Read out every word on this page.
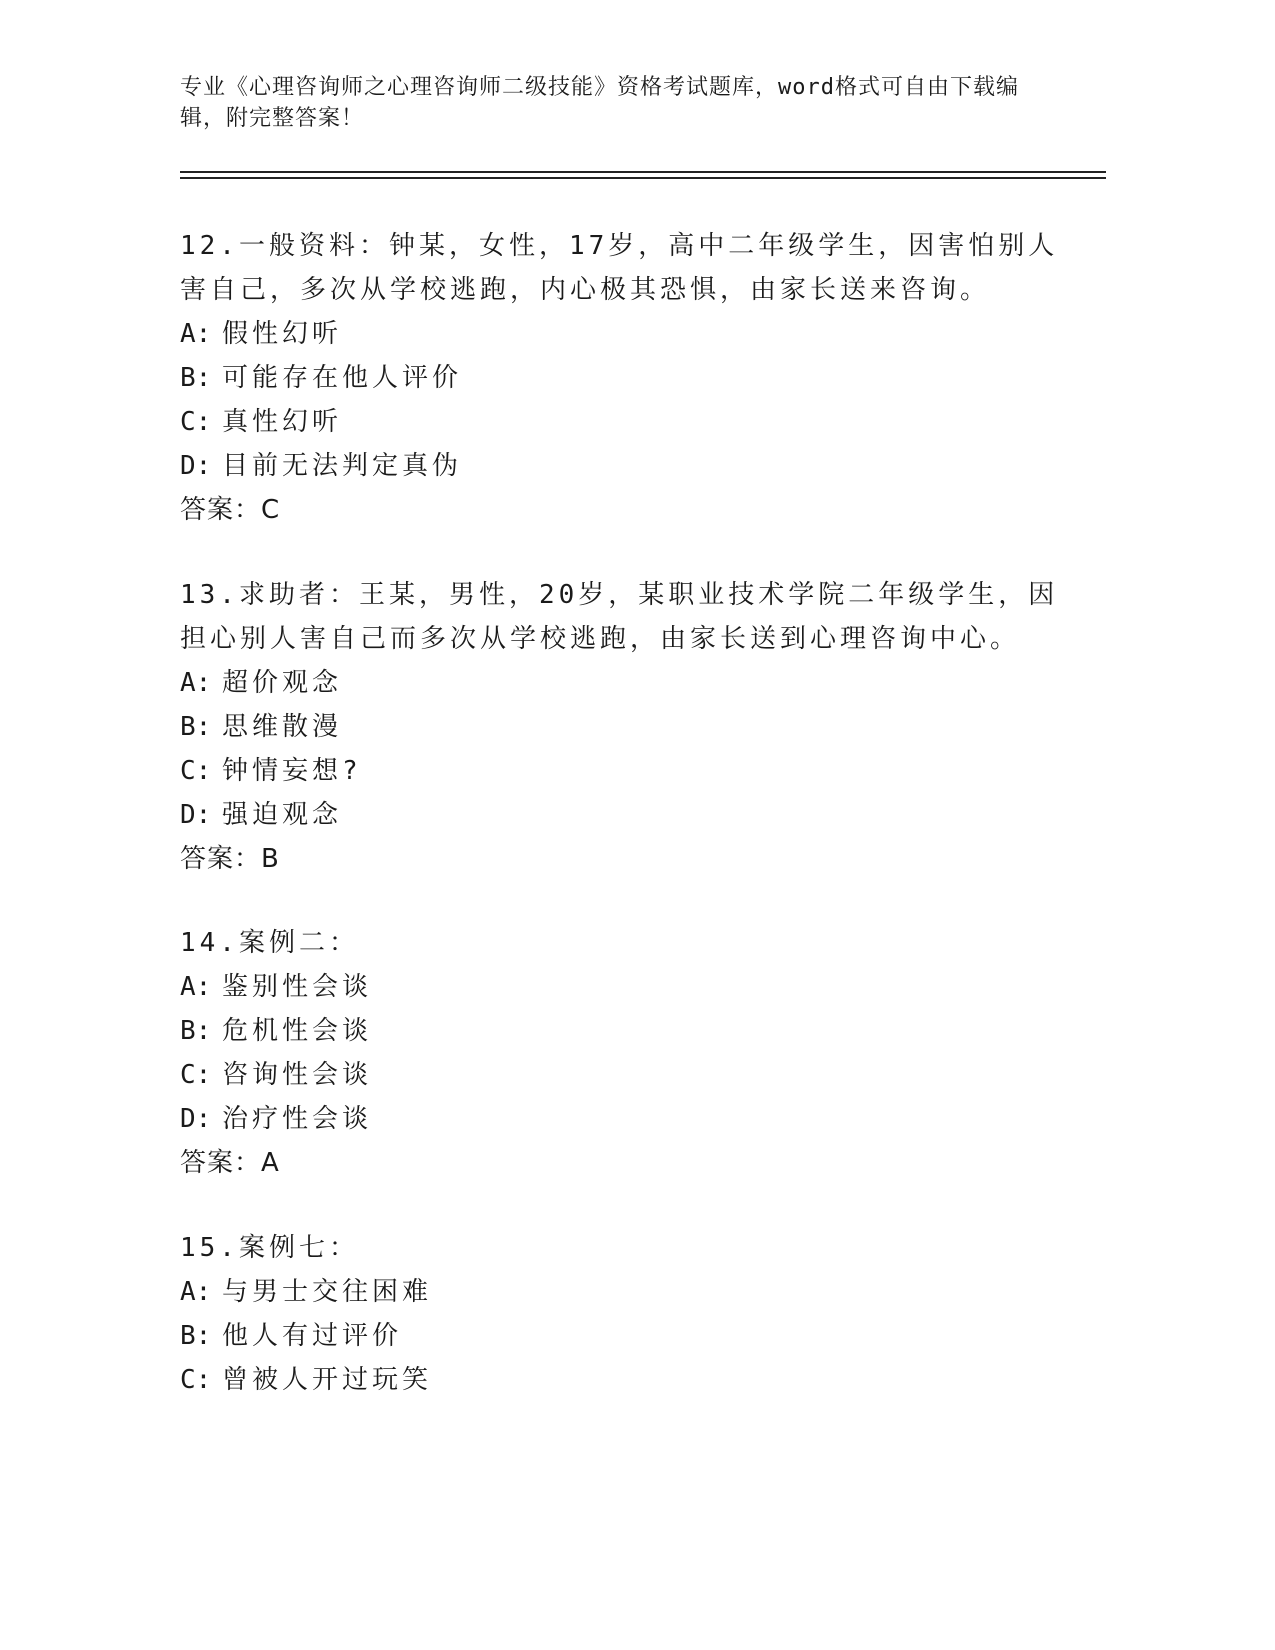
专业《心理咨询师之心理咨询师二级技能》资格考试题库，word格式可自由下载编辑，附完整答案！
12.一般资料：钟某，女性，17岁，高中二年级学生，因害怕别人害自己，多次从学校逃跑，内心极其恐惧，由家长送来咨询。
A: 假性幻听
B: 可能存在他人评价
C: 真性幻听
D: 目前无法判定真伪
答案：C
13.求助者：王某，男性，20岁，某职业技术学院二年级学生，因担心别人害自己而多次从学校逃跑，由家长送到心理咨询中心。
A: 超价观念
B: 思维散漫
C: 钟情妄想?
D: 强迫观念
答案：B
14.案例二：
A: 鉴别性会谈
B: 危机性会谈
C: 咨询性会谈
D: 治疗性会谈
答案：A
15.案例七：
A: 与男士交往困难
B: 他人有过评价
C: 曾被人开过玩笑
